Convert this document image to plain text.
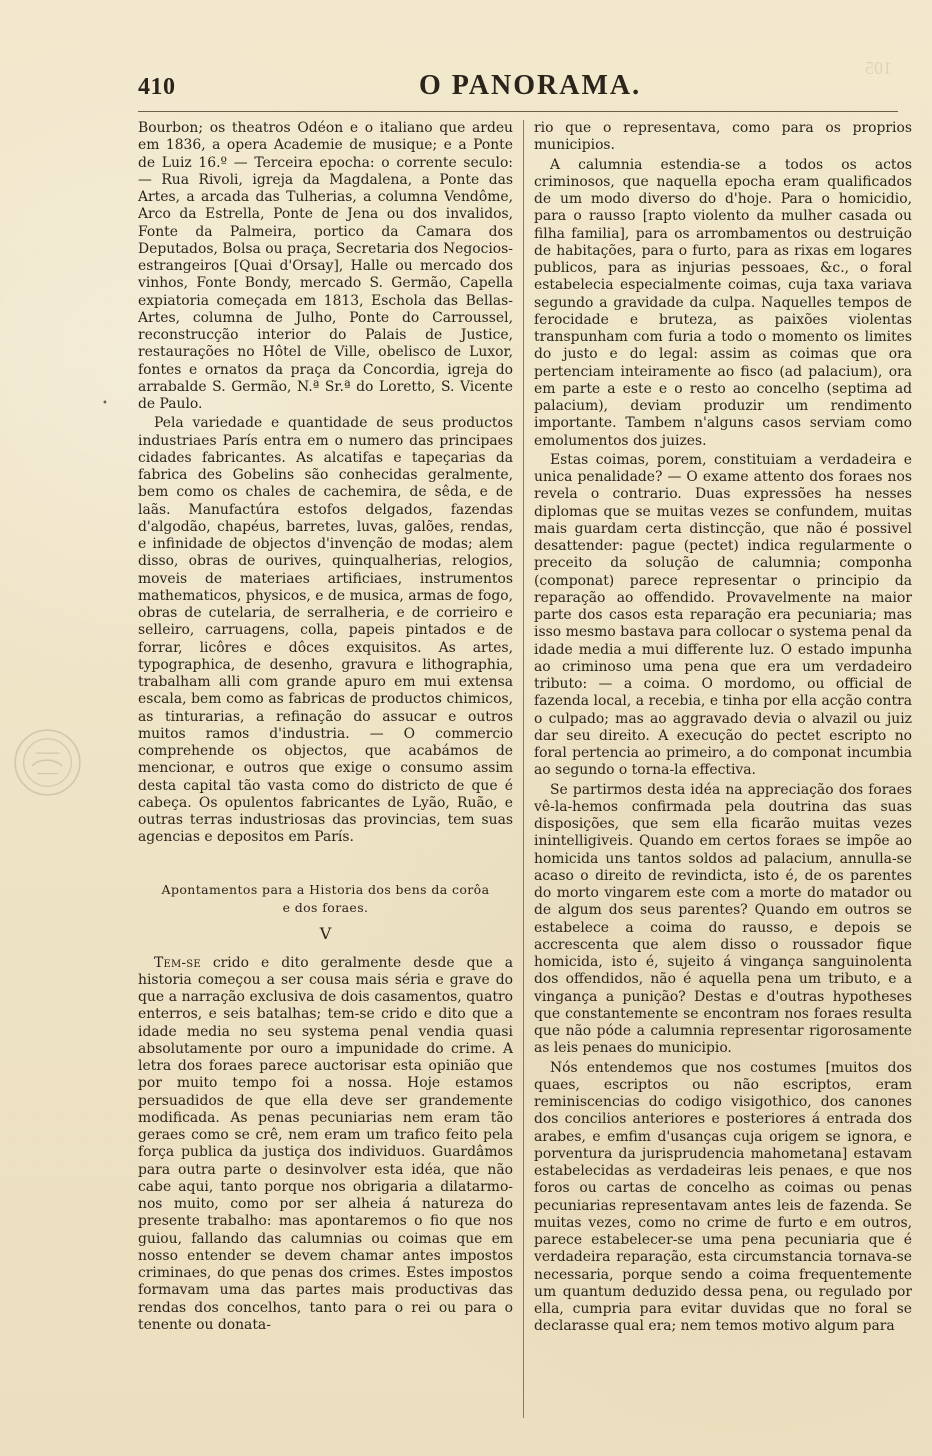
105
410	O PANORAMA.

Bourbon; os theatros Odéon e o italiano que ardeu em 1836, a opera Academie de musique; e a Ponte de Luiz 16.º — Terceira epocha: o corrente seculo: — Rua Rivoli, igreja da Magdalena, a Ponte das Artes, a arcada das Tulherias, a columna Vendôme, Arco da Estrella, Ponte de Jena ou dos invalidos, Fonte da Palmeira, portico da Camara dos Deputados, Bolsa ou praça, Secretaria dos Negocios-estrangeiros [Quai d'Orsay], Halle ou mercado dos vinhos, Fonte Bondy, mercado S. Germão, Capella expiatoria começada em 1813, Eschola das Bellas-Artes, columna de Julho, Ponte do Carroussel, reconstrucção interior do Palais de Justice, restaurações no Hôtel de Ville, obelisco de Luxor, fontes e ornatos da praça da Concordia, igreja do arrabalde S. Germão, N.ª Sr.ª do Loretto, S. Vicente de Paulo.

Pela variedade e quantidade de seus productos industriaes París entra em o numero das principaes cidades fabricantes. As alcatifas e tapeçarias da fabrica des Gobelins são conhecidas geralmente, bem como os chales de cachemira, de sêda, e de laãs. Manufactúra estofos delgados, fazendas d'algodão, chapéus, barretes, luvas, galões, rendas, e infinidade de objectos d'invenção de modas; alem disso, obras de ourives, quinqualherias, relogios, moveis de materiaes artificiaes, instrumentos mathematicos, physicos, e de musica, armas de fogo, obras de cutelaria, de serralheria, e de corrieiro e selleiro, carruagens, colla, papeis pintados e de forrar, licôres e dôces exquisitos. As artes, typographica, de desenho, gravura e lithographia, trabalham alli com grande apuro em mui extensa escala, bem como as fabricas de productos chimicos, as tinturarias, a refinação do assucar e outros muitos ramos d'industria. — O commercio comprehende os objectos, que acabámos de mencionar, e outros que exige o consumo assim desta capital tão vasta como do districto de que é cabeça. Os opulentos fabricantes de Lyão, Ruão, e outras terras industriosas das provincias, tem suas agencias e depositos em París.

Apontamentos para a Historia dos bens da corôa
e dos foraes.
V

Tem-se crido e dito geralmente desde que a historia começou a ser cousa mais séria e grave do que a narração exclusiva de dois casamentos, quatro enterros, e seis batalhas; tem-se crido e dito que a idade media no seu systema penal vendia quasi absolutamente por ouro a impunidade do crime. A letra dos foraes parece auctorisar esta opinião que por muito tempo foi a nossa. Hoje estamos persuadidos de que ella deve ser grandemente modificada. As penas pecuniarias nem eram tão geraes como se crê, nem eram um trafico feito pela força publica da justiça dos individuos. Guardâmos para outra parte o desinvolver esta idéa, que não cabe aqui, tanto porque nos obrigaria a dilatarmo-nos muito, como por ser alheia á natureza do presente trabalho: mas apontaremos o fio que nos guiou, fallando das calumnias ou coimas que em nosso entender se devem chamar antes impostos criminaes, do que penas dos crimes. Estes impostos formavam uma das partes mais productivas das rendas dos concelhos, tanto para o rei ou para o tenente ou donata-

rio que o representava, como para os proprios municipios.

A calumnia estendia-se a todos os actos criminosos, que naquella epocha eram qualificados de um modo diverso do d'hoje. Para o homicidio, para o rausso [rapto violento da mulher casada ou filha familia], para os arrombamentos ou destruição de habitações, para o furto, para as rixas em logares publicos, para as injurias pessoaes, &c., o foral estabelecia especialmente coimas, cuja taxa variava segundo a gravidade da culpa. Naquelles tempos de ferocidade e bruteza, as paixões violentas transpunham com furia a todo o momento os limites do justo e do legal: assim as coimas que ora pertenciam inteiramente ao fisco (ad palacium), ora em parte a este e o resto ao concelho (septima ad palacium), deviam produzir um rendimento importante. Tambem n'alguns casos serviam como emolumentos dos juizes.

Estas coimas, porem, constituiam a verdadeira e unica penalidade? — O exame attento dos foraes nos revela o contrario. Duas expressões ha nesses diplomas que se muitas vezes se confundem, muitas mais guardam certa distincção, que não é possivel desattender: pague (pectet) indica regularmente o preceito da solução de calumnia; componha (componat) parece representar o principio da reparação ao offendido. Provavelmente na maior parte dos casos esta reparação era pecuniaria; mas isso mesmo bastava para collocar o systema penal da idade media a mui differente luz. O estado impunha ao criminoso uma pena que era um verdadeiro tributo: — a coima. O mordomo, ou official de fazenda local, a recebia, e tinha por ella acção contra o culpado; mas ao aggravado devia o alvazil ou juiz dar seu direito. A execução do pectet escripto no foral pertencia ao primeiro, a do componat incumbia ao segundo o torna-la effectiva.

Se partirmos desta idéa na appreciação dos foraes vê-la-hemos confirmada pela doutrina das suas disposições, que sem ella ficarão muitas vezes inintelligiveis. Quando em certos foraes se impõe ao homicida uns tantos soldos ad palacium, annulla-se acaso o direito de revindicta, isto é, de os parentes do morto vingarem este com a morte do matador ou de algum dos seus parentes? Quando em outros se estabelece a coima do rausso, e depois se accrescenta que alem disso o roussador fique homicida, isto é, sujeito á vingança sanguinolenta dos offendidos, não é aquella pena um tributo, e a vingança a punição? Destas e d'outras hypotheses que constantemente se encontram nos foraes resulta que não póde a calumnia representar rigorosamente as leis penaes do municipio.

Nós entendemos que nos costumes [muitos dos quaes, escriptos ou não escriptos, eram reminiscencias do codigo visigothico, dos canones dos concilios anteriores e posteriores á entrada dos arabes, e emfim d'usanças cuja origem se ignora, e porventura da jurisprudencia mahometana] estavam estabelecidas as verdadeiras leis penaes, e que nos foros ou cartas de concelho as coimas ou penas pecuniarias representavam antes leis de fazenda. Se muitas vezes, como no crime de furto e em outros, parece estabelecer-se uma pena pecuniaria que é verdadeira reparação, esta circumstancia tornava-se necessaria, porque sendo a coima frequentemente um quantum deduzido dessa pena, ou regulado por ella, cumpria para evitar duvidas que no foral se declarasse qual era; nem temos motivo algum para

•
